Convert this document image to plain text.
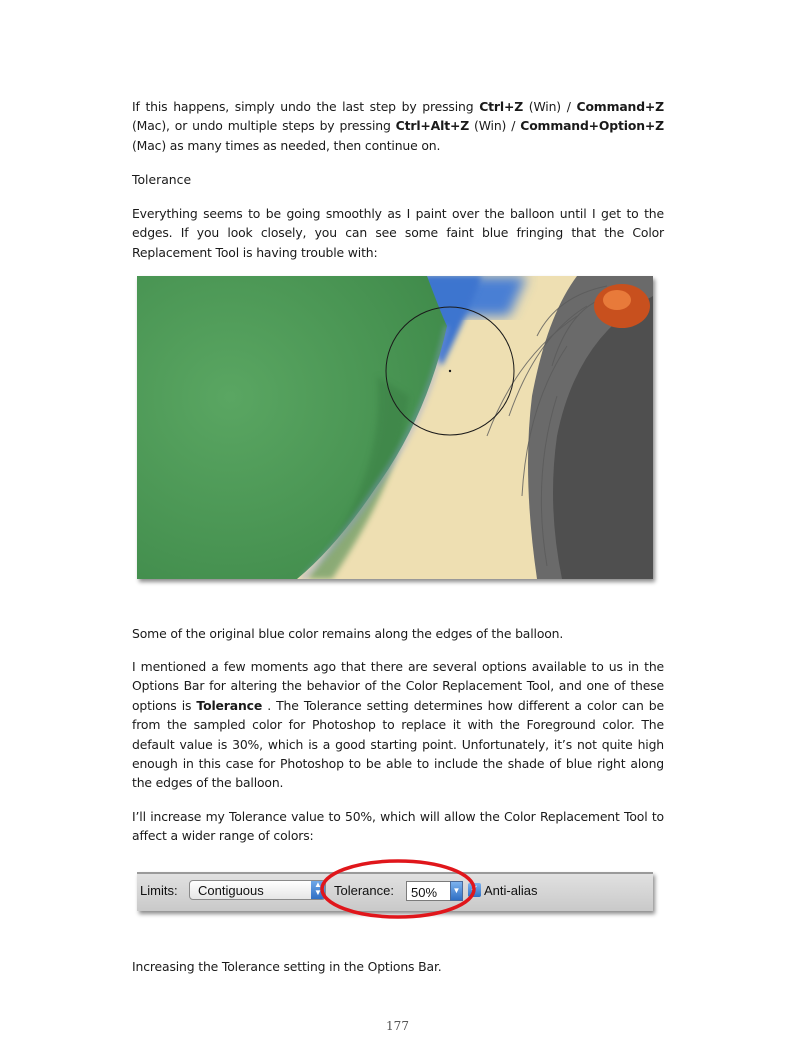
If this happens, simply undo the last step by pressing Ctrl+Z (Win) / Command+Z (Mac), or undo multiple steps by pressing Ctrl+Alt+Z (Win) / Command+Option+Z (Mac) as many times as needed, then continue on.

Tolerance

Everything seems to be going smoothly as I paint over the balloon until I get to the edges. If you look closely, you can see some faint blue fringing that the Color Replacement Tool is having trouble with:

Some of the original blue color remains along the edges of the balloon.

I mentioned a few moments ago that there are several options available to us in the Options Bar for altering the behavior of the Color Replacement Tool, and one of these options is Tolerance . The Tolerance setting determines how different a color can be from the sampled color for Photoshop to replace it with the Foreground color. The default value is 30%, which is a good starting point. Unfortunately, it’s not quite high enough in this case for Photoshop to be able to include the shade of blue right along the edges of the balloon.

I’ll increase my Tolerance value to 50%, which will allow the Color Replacement Tool to affect a wider range of colors:

Limits: Contiguous	▲
▼ Tolerance: 50%	▼ ✓ Anti-alias

Increasing the Tolerance setting in the Options Bar.

177
